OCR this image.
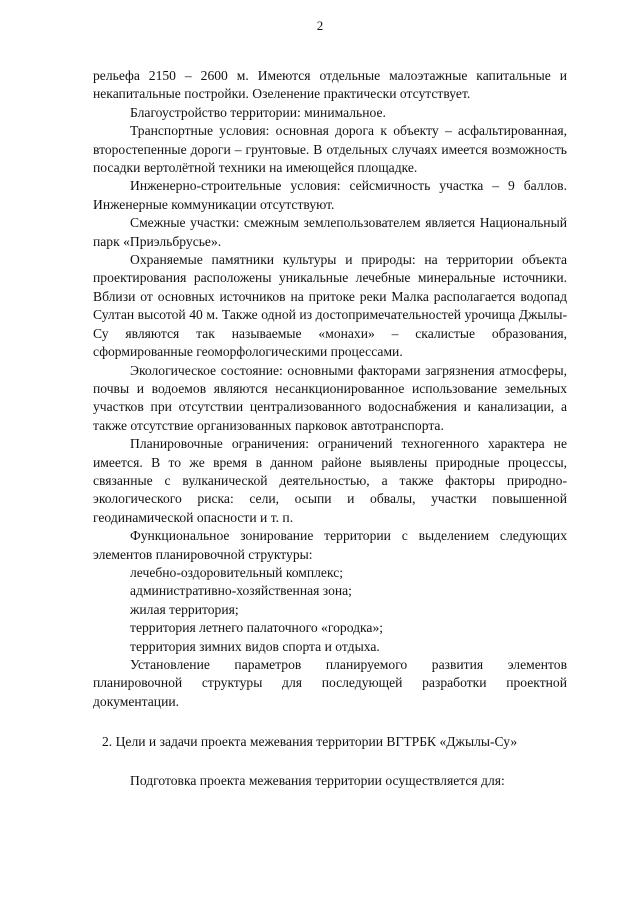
2

рельефа 2150 – 2600 м. Имеются отдельные малоэтажные капитальные и некапитальные постройки. Озеленение практически отсутствует.

Благоустройство территории: минимальное.

Транспортные условия: основная дорога к объекту – асфальтированная, второстепенные дороги – грунтовые. В отдельных случаях имеется возможность посадки вертолётной техники на имеющейся площадке.

Инженерно-строительные условия: сейсмичность участка – 9 баллов. Инженерные коммуникации отсутствуют.

Смежные участки: смежным землепользователем является Национальный парк «Приэльбрусье».

Охраняемые памятники культуры и природы: на территории объекта проектирования расположены уникальные лечебные минеральные источники. Вблизи от основных источников на притоке реки Малка располагается водопад Султан высотой 40 м. Также одной из достопримечательностей урочища Джылы-Су являются так называемые «монахи» – скалистые образования, сформированные геоморфологическими процессами.

Экологическое состояние: основными факторами загрязнения атмосферы, почвы и водоемов являются несанкционированное использование земельных участков при отсутствии централизованного водоснабжения и канализации, а также отсутствие организованных парковок автотранспорта.

Планировочные ограничения: ограничений техногенного характера не имеется. В то же время в данном районе выявлены природные процессы, связанные с вулканической деятельностью, а также факторы природно-экологического риска: сели, осыпи и обвалы, участки повышенной геодинамической опасности и т. п.

Функциональное зонирование территории с выделением следующих элементов планировочной структуры:

лечебно-оздоровительный комплекс;
административно-хозяйственная зона;
жилая территория;
территория летнего палаточного «городка»;
территория зимних видов спорта и отдыха.

Установление параметров планируемого развития элементов планировочной структуры для последующей разработки проектной документации.

2. Цели и задачи проекта межевания территории ВГТРБК «Джылы-Су»

Подготовка проекта межевания территории осуществляется для:
